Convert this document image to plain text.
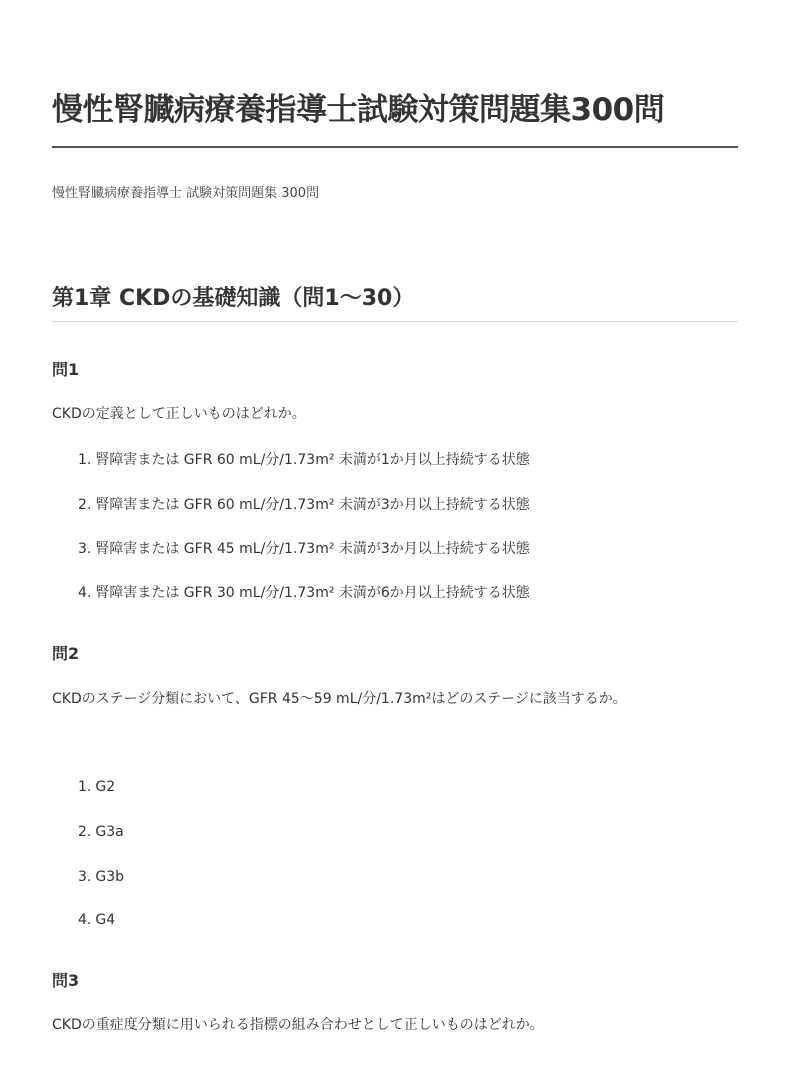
慢性腎臓病療養指導士試験対策問題集300問

慢性腎臓病療養指導士 試験対策問題集 300問

第1章 CKDの基礎知識（問1〜30）
問1

CKDの定義として正しいものはどれか。

1. 腎障害または GFR 60 mL/分/1.73m² 未満が1か月以上持続する状態

2. 腎障害または GFR 60 mL/分/1.73m² 未満が3か月以上持続する状態

3. 腎障害または GFR 45 mL/分/1.73m² 未満が3か月以上持続する状態

4. 腎障害または GFR 30 mL/分/1.73m² 未満が6か月以上持続する状態

問2

CKDのステージ分類において、GFR 45〜59 mL/分/1.73m²はどのステージに該当するか。

1. G2

2. G3a

3. G3b

4. G4

問3

CKDの重症度分類に用いられる指標の組み合わせとして正しいものはどれか。
